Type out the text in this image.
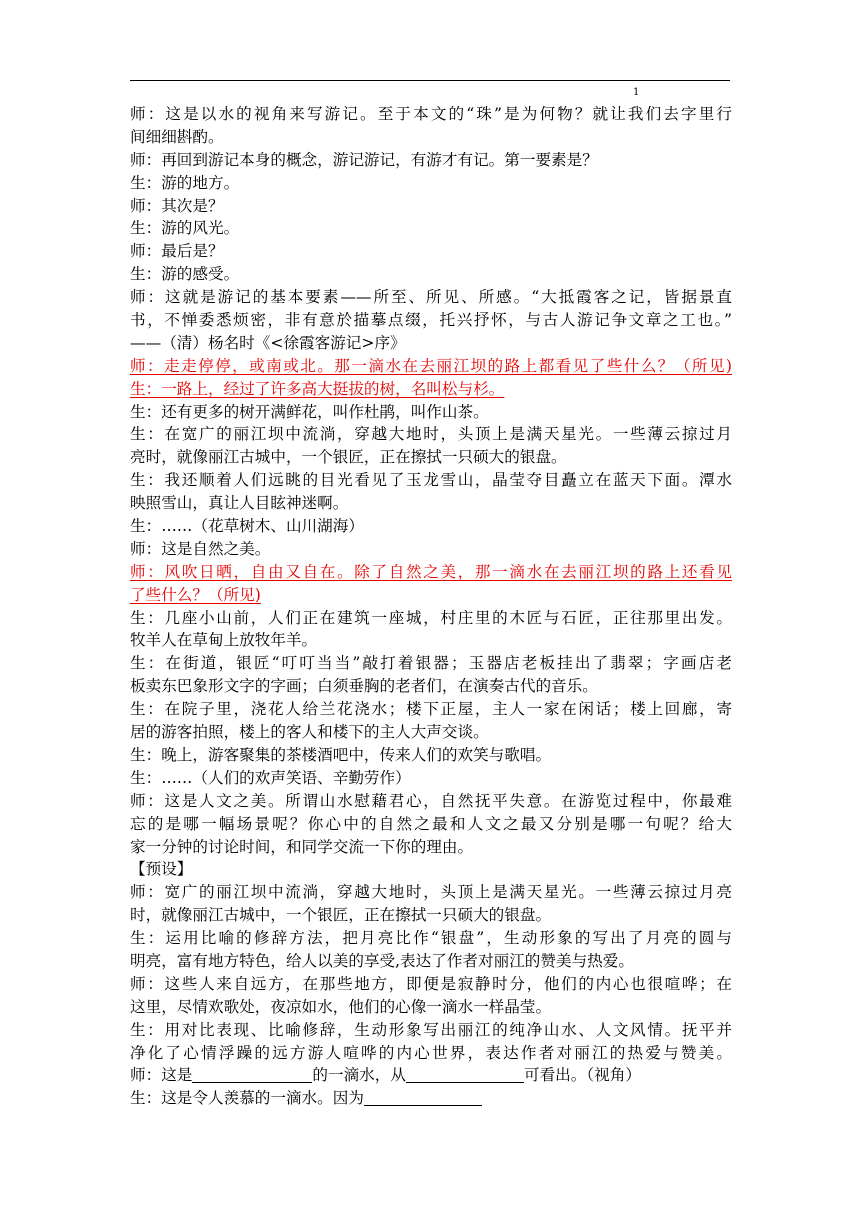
1
师：这是以水的视角来写游记。至于本文的“珠”是为何物？就让我们去字里行
间细细斟酌。
师：再回到游记本身的概念，游记游记，有游才有记。第一要素是？
生：游的地方。
师：其次是？
生：游的风光。
师：最后是？
生：游的感受。
师：这就是游记的基本要素——所至、所见、所感。“大抵霞客之记，皆据景直
书，不惮委悉烦密，非有意於描摹点缀，托兴抒怀，与古人游记争文章之工也。”
——（清）杨名时《<徐霞客游记>序》
师：走走停停，或南或北。那一滴水在去丽江坝的路上都看见了些什么？（所见)
生：一路上，经过了许多高大挺拔的树，名叫松与杉。
生：还有更多的树开满鲜花，叫作杜鹃，叫作山茶。
生：在宽广的丽江坝中流淌，穿越大地时，头顶上是满天星光。一些薄云掠过月
亮时，就像丽江古城中，一个银匠，正在擦拭一只硕大的银盘。
生：我还顺着人们远眺的目光看见了玉龙雪山，晶莹夺目矗立在蓝天下面。潭水
映照雪山，真让人目眩神迷啊。
生：……（花草树木、山川湖海）
师：这是自然之美。
师：风吹日晒，自由又自在。除了自然之美，那一滴水在去丽江坝的路上还看见
了些什么？（所见)
生：几座小山前，人们正在建筑一座城，村庄里的木匠与石匠，正往那里出发。
牧羊人在草甸上放牧年羊。
生：在街道，银匠“叮叮当当”敲打着银器；玉器店老板挂出了翡翠；字画店老
板卖东巴象形文字的字画；白须垂胸的老者们，在演奏古代的音乐。
生：在院子里，浇花人给兰花浇水；楼下正屋，主人一家在闲话；楼上回廊，寄
居的游客拍照，楼上的客人和楼下的主人大声交谈。
生：晚上，游客聚集的茶楼酒吧中，传来人们的欢笑与歌唱。
生：……（人们的欢声笑语、辛勤劳作）
师：这是人文之美。所谓山水慰藉君心，自然抚平失意。在游览过程中，你最难
忘的是哪一幅场景呢？你心中的自然之最和人文之最又分别是哪一句呢？给大
家一分钟的讨论时间，和同学交流一下你的理由。
【预设】
师：宽广的丽江坝中流淌，穿越大地时，头顶上是满天星光。一些薄云掠过月亮
时，就像丽江古城中，一个银匠，正在擦拭一只硕大的银盘。
生：运用比喻的修辞方法，把月亮比作“银盘”，生动形象的写出了月亮的圆与
明亮，富有地方特色，给人以美的享受,表达了作者对丽江的赞美与热爱。
师：这些人来自远方，在那些地方，即便是寂静时分，他们的内心也很喧哗；在
这里，尽情欢歌处，夜凉如水，他们的心像一滴水一样晶莹。
生：用对比表现、比喻修辞，生动形象写出丽江的纯净山水、人文风情。抚平并
净化了心情浮躁的远方游人喧哗的内心世界，表达作者对丽江的热爱与赞美。
师：这是	的一滴水，从	可看出。（视角）
生：这是令人羡慕的一滴水。因为
